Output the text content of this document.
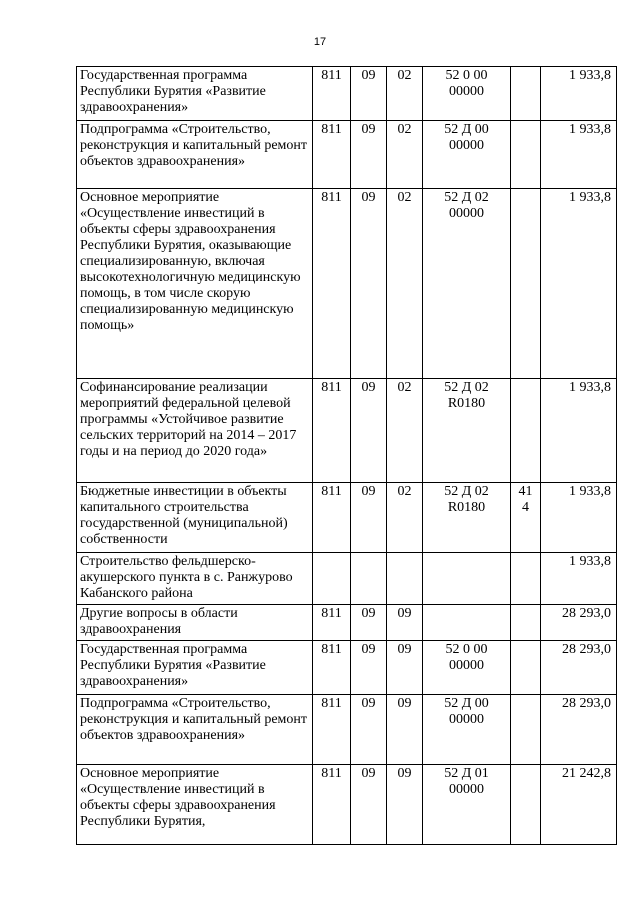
17
Государственная программа Республики Бурятия «Развитие здравоохранения»	811	09	02	52 0 00
00000		1 933,8
Подпрограмма «Строительство, реконструкция и капитальный ремонт объектов здравоохранения»	811	09	02	52 Д 00
00000		1 933,8
Основное мероприятие «Осуществление инвестиций в объекты сферы здравоохранения Республики Бурятия, оказывающие специализированную, включая высокотехнологичную медицинскую помощь, в том числе скорую специализированную медицинскую помощь»	811	09	02	52 Д 02
00000		1 933,8
Софинансирование реализации мероприятий федеральной целевой программы «Устойчивое развитие сельских территорий на 2014 – 2017 годы и на период до 2020 года»	811	09	02	52 Д 02
R0180		1 933,8
Бюджетные инвестиции в объекты капитального строительства государственной (муниципальной) собственности	811	09	02	52 Д 02
R0180	41
4	1 933,8
Строительство фельдшерско-акушерского пункта в с. Ранжурово Кабанского района						1 933,8
Другие вопросы в области здравоохранения	811	09	09			28 293,0
Государственная программа Республики Бурятия «Развитие здравоохранения»	811	09	09	52 0 00
00000		28 293,0
Подпрограмма «Строительство, реконструкция и капитальный ремонт объектов здравоохранения»	811	09	09	52 Д 00
00000		28 293,0
Основное мероприятие «Осуществление инвестиций в объекты сферы здравоохранения Республики Бурятия,	811	09	09	52 Д 01
00000		21 242,8
